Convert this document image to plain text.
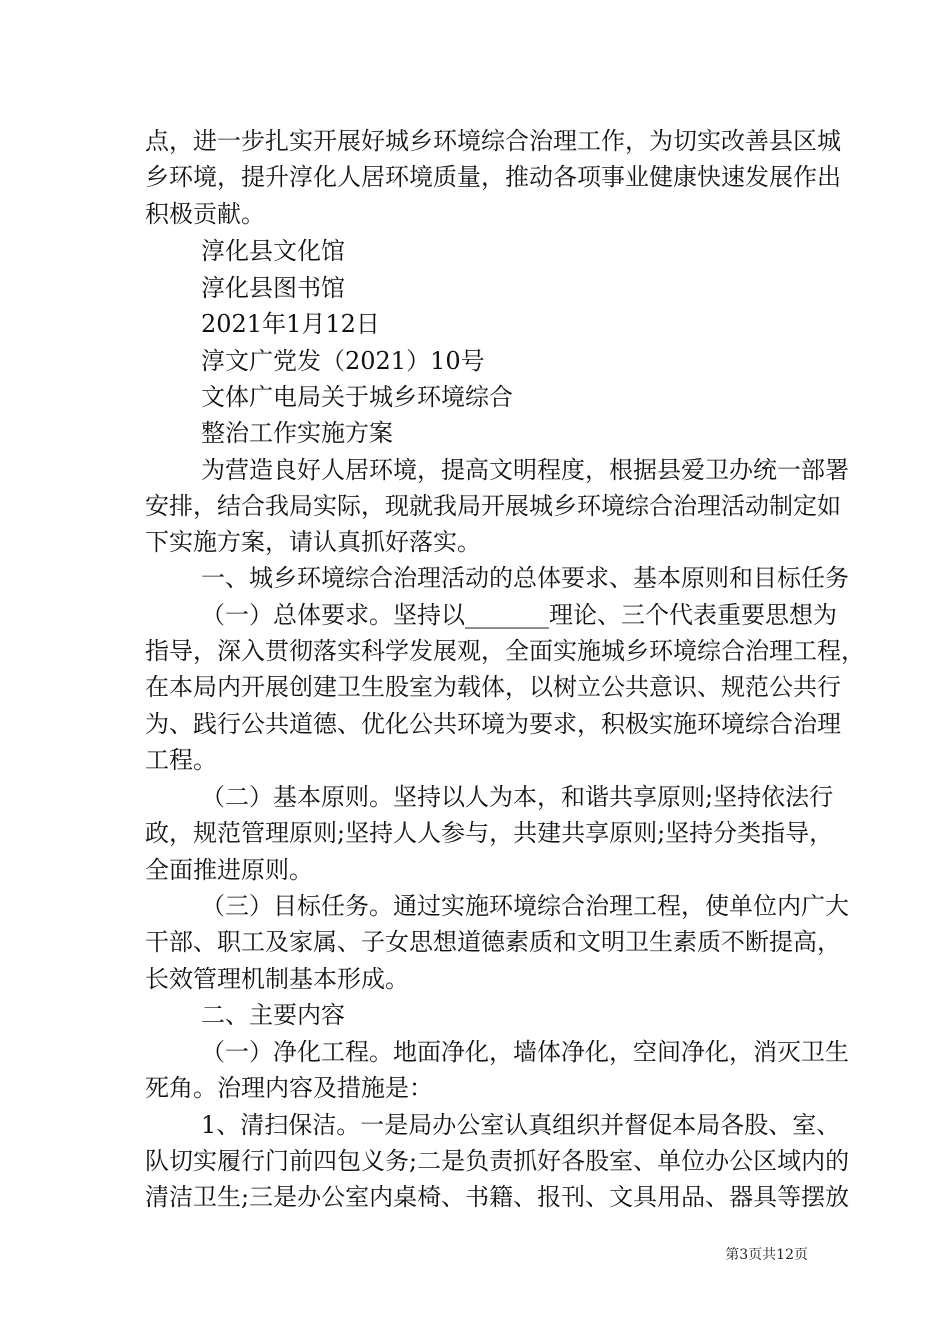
点，进一步扎实开展好城乡环境综合治理工作，为切实改善县区城
乡环境，提升淳化人居环境质量，推动各项事业健康快速发展作出
积极贡献。
淳化县文化馆
淳化县图书馆
2021年1月12日
淳文广党发（2021）10号
文体广电局关于城乡环境综合
整治工作实施方案
为营造良好人居环境，提高文明程度，根据县爱卫办统一部署
安排，结合我局实际，现就我局开展城乡环境综合治理活动制定如
下实施方案，请认真抓好落实。
一、城乡环境综合治理活动的总体要求、基本原则和目标任务
（一）总体要求。坚持以_______理论、三个代表重要思想为
指导，深入贯彻落实科学发展观，全面实施城乡环境综合治理工程，
在本局内开展创建卫生股室为载体，以树立公共意识、规范公共行
为、践行公共道德、优化公共环境为要求，积极实施环境综合治理
工程。
（二）基本原则。坚持以人为本，和谐共享原则;坚持依法行
政，规范管理原则;坚持人人参与，共建共享原则;坚持分类指导，
全面推进原则。
（三）目标任务。通过实施环境综合治理工程，使单位内广大
干部、职工及家属、子女思想道德素质和文明卫生素质不断提高，
长效管理机制基本形成。
二、主要内容
（一）净化工程。地面净化，墙体净化，空间净化，消灭卫生
死角。治理内容及措施是：
1、清扫保洁。一是局办公室认真组织并督促本局各股、室、
队切实履行门前四包义务;二是负责抓好各股室、单位办公区域内的
清洁卫生;三是办公室内桌椅、书籍、报刊、文具用品、器具等摆放
第3页共12页
